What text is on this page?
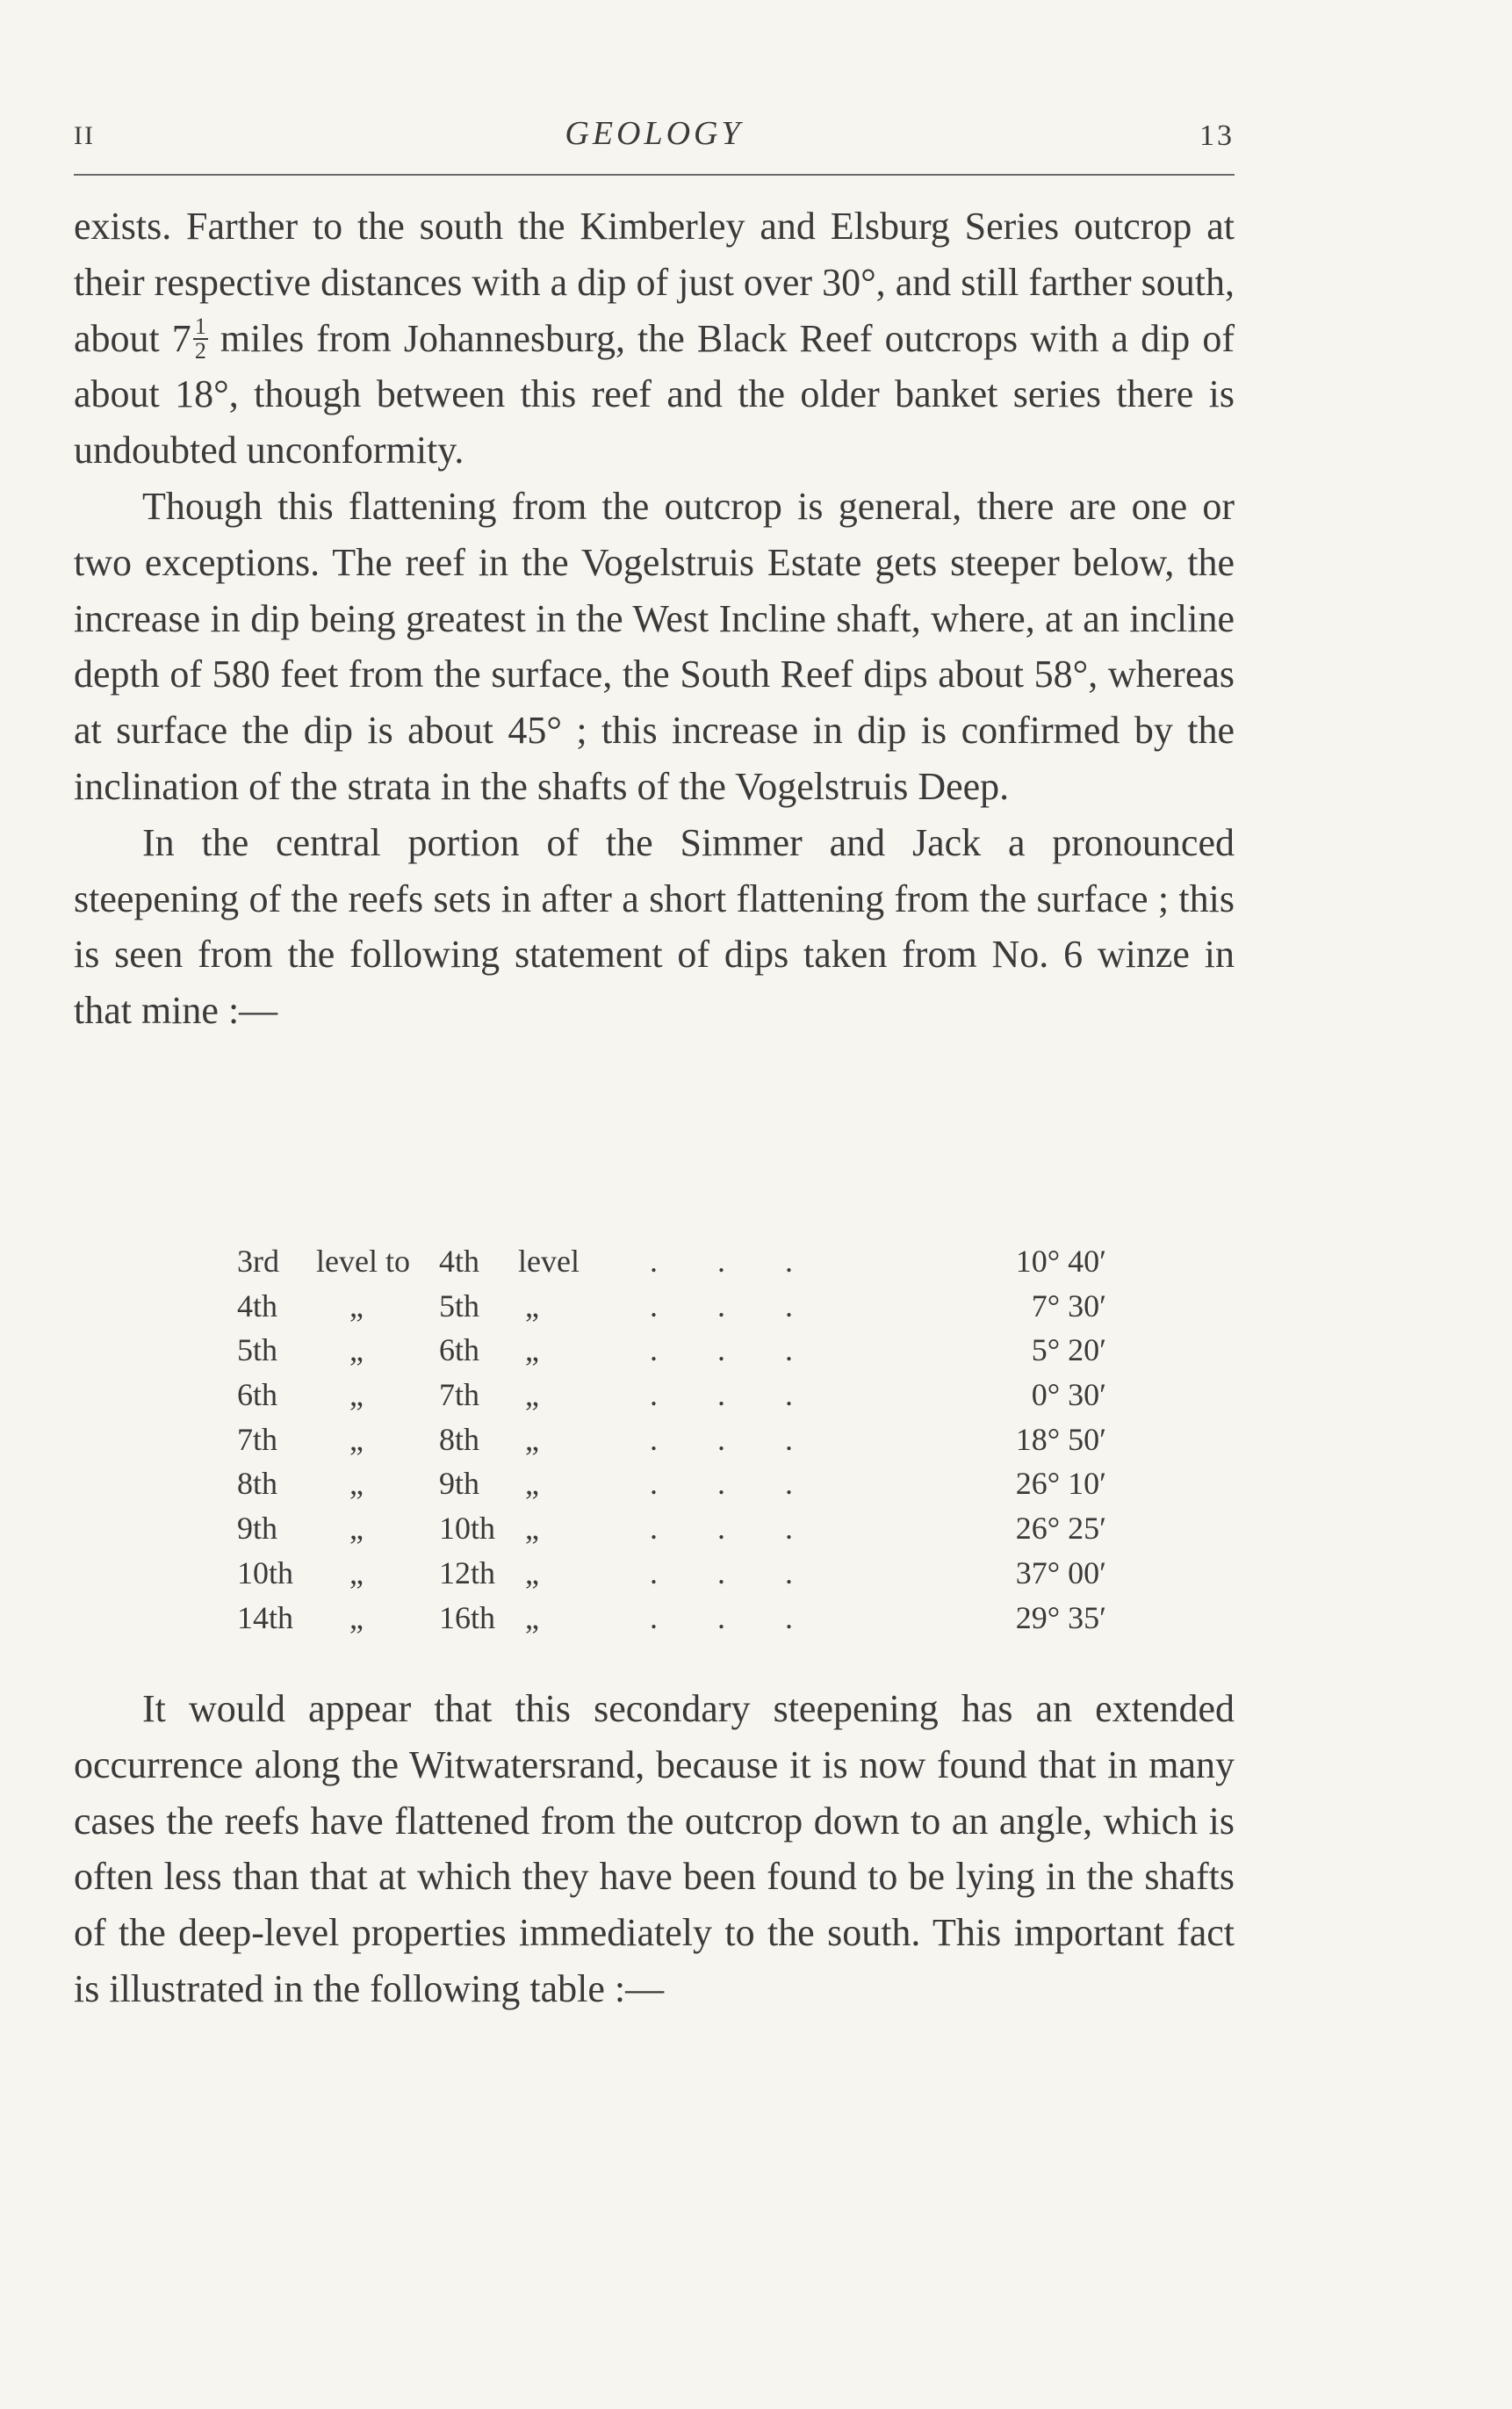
II	GEOLOGY	13

exists. Farther to the south the Kimberley and Elsburg Series outcrop at their respective distances with a dip of just over 30°, and still farther south, about $7 \frac{1}{2}$ miles from Johannesburg, the Black Reef outcrops with a dip of about 18°, though between this reef and the older banket series there is undoubted unconformity.

Though this flattening from the outcrop is general, there are one or two exceptions. The reef in the Vogelstruis Estate gets steeper below, the increase in dip being greatest in the West Incline shaft, where, at an incline depth of 580 feet from the surface, the South Reef dips about 58°, whereas at surface the dip is about 45° ; this increase in dip is confirmed by the inclination of the strata in the shafts of the Vogelstruis Deep.

In the central portion of the Simmer and Jack a pronounced steepening of the reefs sets in after a short flattening from the surface ; this is seen from the following statement of dips taken from No. 6 winze in that mine :—

3rd level to 4th level ...	10° 40′
4th „ 5th „	...	7° 30′
5th „ 6th „	...	5° 20′
6th „ 7th „	...	0° 30′
7th „ 8th „	...	18° 50′
8th „ 9th „	...	26° 10′
9th „ 10th „	...	26° 25′
10th „ 12th „	...	37° 00′
14th „ 16th „	...	29° 35′

It would appear that this secondary steepening has an extended occurrence along the Witwatersrand, because it is now found that in many cases the reefs have flattened from the outcrop down to an angle, which is often less than that at which they have been found to be lying in the shafts of the deep-level properties immediately to the south. This important fact is illustrated in the following table :—
